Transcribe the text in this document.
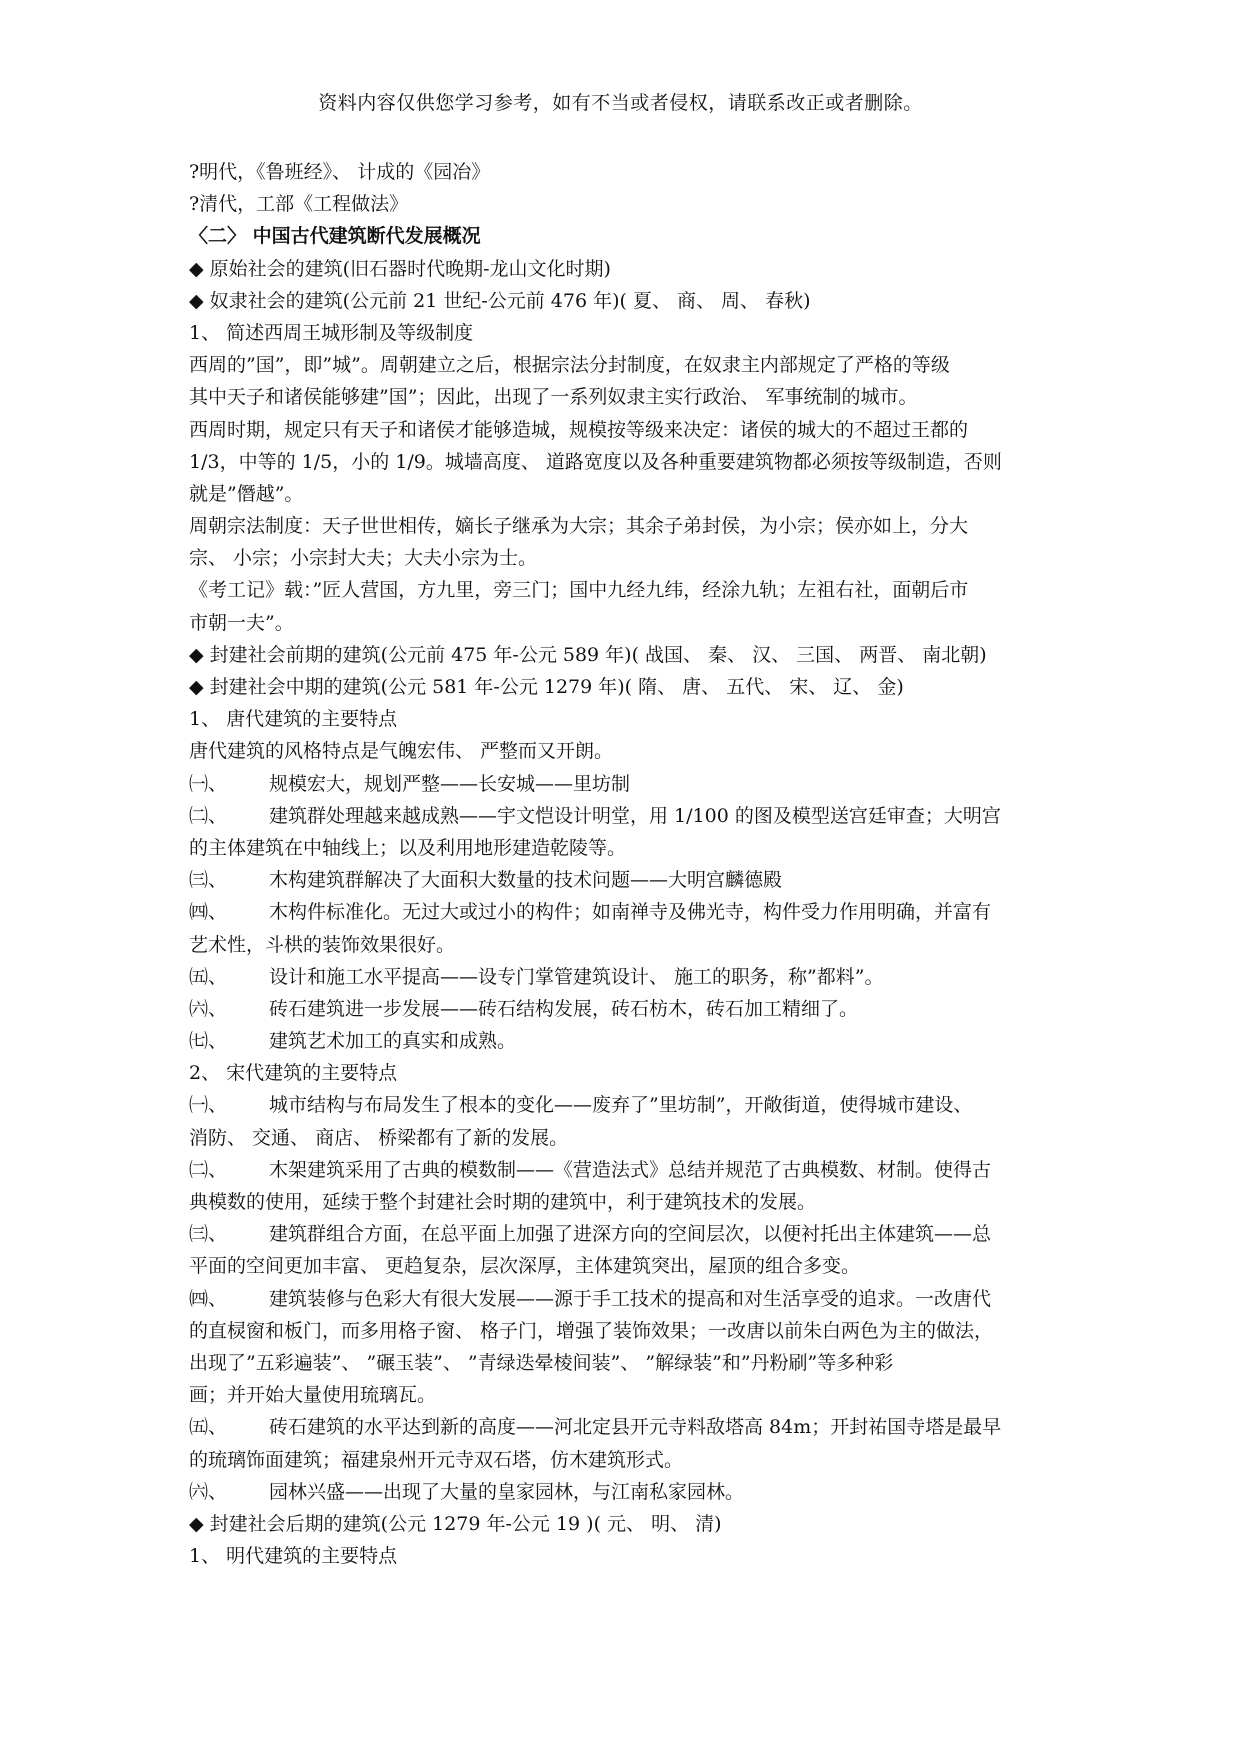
资料内容仅供您学习参考，如有不当或者侵权，请联系改正或者删除。
?明代，《鲁班经》、 计成的《园冶》
?清代，工部《工程做法》
〈二〉 中国古代建筑断代发展概况
◆ 原始社会的建筑(旧石器时代晚期-龙山文化时期)
◆ 奴隶社会的建筑(公元前 21 世纪-公元前 476 年)( 夏、 商、 周、 春秋)
1、 简述西周王城形制及等级制度
西周的”国”，即”城”。周朝建立之后，根据宗法分封制度，在奴隶主内部规定了严格的等级
其中天子和诸侯能够建”国”；因此，出现了一系列奴隶主实行政治、 军事统制的城市。
西周时期，规定只有天子和诸侯才能够造城，规模按等级来决定：诸侯的城大的不超过王都的
1/3，中等的 1/5，小的 1/9。城墙高度、 道路宽度以及各种重要建筑物都必须按等级制造，否则
就是”僭越”。
周朝宗法制度：天子世世相传，嫡长子继承为大宗；其余子弟封侯，为小宗；侯亦如上，分大
宗、 小宗；小宗封大夫；大夫小宗为士。
《考工记》载：”匠人营国，方九里，旁三门；国中九经九纬，经涂九轨；左祖右社，面朝后市
市朝一夫”。
◆ 封建社会前期的建筑(公元前 475 年-公元 589 年)( 战国、 秦、 汉、 三国、 两晋、 南北朝)
◆ 封建社会中期的建筑(公元 581 年-公元 1279 年)( 隋、 唐、 五代、 宋、 辽、 金)
1、 唐代建筑的主要特点
唐代建筑的风格特点是气魄宏伟、 严整而又开朗。
㈠、 规模宏大，规划严整——长安城——里坊制
㈡、 建筑群处理越来越成熟——宇文恺设计明堂，用 1/100 的图及模型送宫廷审查；大明宫
的主体建筑在中轴线上；以及利用地形建造乾陵等。
㈢、 木构建筑群解决了大面积大数量的技术问题——大明宫麟德殿
㈣、 木构件标准化。无过大或过小的构件；如南禅寺及佛光寺，构件受力作用明确，并富有
艺术性，斗栱的装饰效果很好。
㈤、 设计和施工水平提高——设专门掌管建筑设计、 施工的职务，称”都料”。
㈥、 砖石建筑进一步发展——砖石结构发展，砖石枋木，砖石加工精细了。
㈦、 建筑艺术加工的真实和成熟。
2、 宋代建筑的主要特点
㈠、 城市结构与布局发生了根本的变化——废弃了”里坊制”，开敞街道，使得城市建设、
消防、 交通、 商店、 桥梁都有了新的发展。
㈡、 木架建筑采用了古典的模数制——《营造法式》总结并规范了古典模数、材制。使得古
典模数的使用，延续于整个封建社会时期的建筑中，利于建筑技术的发展。
㈢、 建筑群组合方面，在总平面上加强了进深方向的空间层次，以便衬托出主体建筑——总
平面的空间更加丰富、 更趋复杂，层次深厚，主体建筑突出，屋顶的组合多变。
㈣、 建筑装修与色彩大有很大发展——源于手工技术的提高和对生活享受的追求。一改唐代
的直棂窗和板门，而多用格子窗、 格子门，增强了装饰效果；一改唐以前朱白两色为主的做法，
出现了”五彩遍装”、 ”碾玉装”、 ”青绿迭晕棱间装”、 ”解绿装”和”丹粉刷”等多种彩
画；并开始大量使用琉璃瓦。
㈤、 砖石建筑的水平达到新的高度——河北定县开元寺料敌塔高 84m；开封祐国寺塔是最早
的琉璃饰面建筑；福建泉州开元寺双石塔，仿木建筑形式。
㈥、 园林兴盛——出现了大量的皇家园林，与江南私家园林。
◆ 封建社会后期的建筑(公元 1279 年-公元 19 )( 元、 明、 清)
1、 明代建筑的主要特点
